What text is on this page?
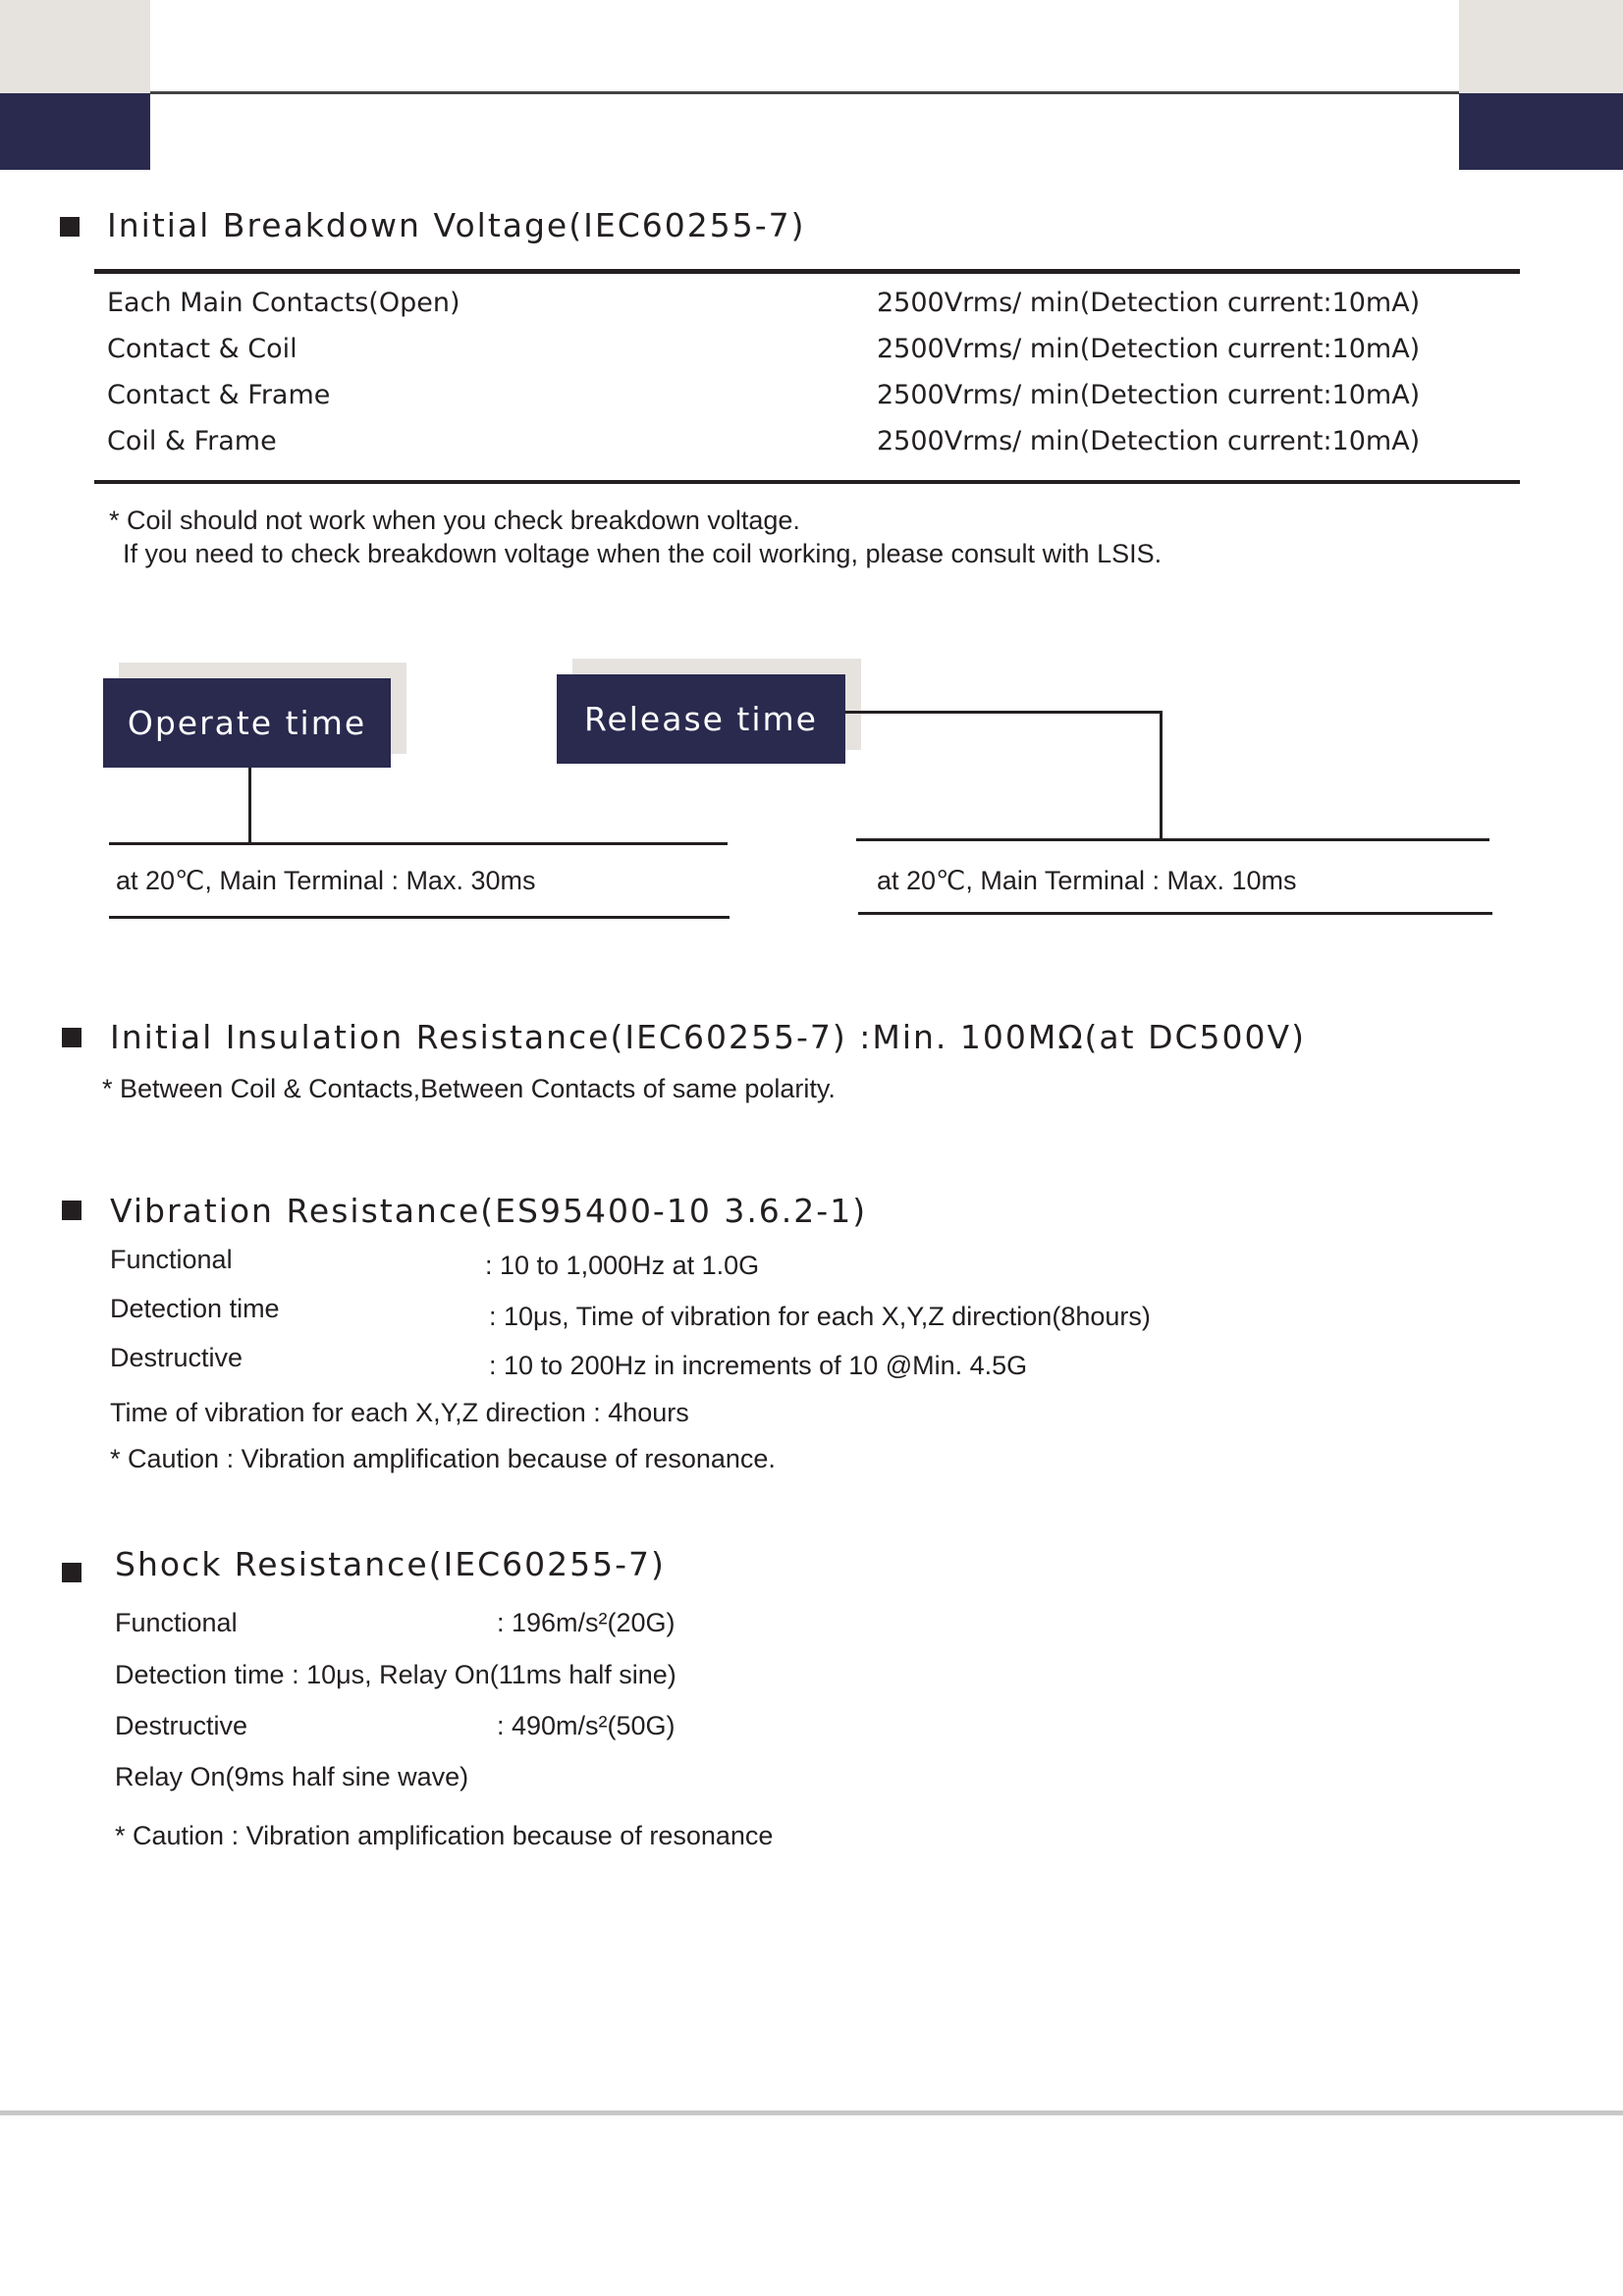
Initial Breakdown Voltage(IEC60255-7)
Each Main Contacts(Open)	2500Vrms/ min(Detection current:10mA)
Contact & Coil	2500Vrms/ min(Detection current:10mA)
Contact & Frame	2500Vrms/ min(Detection current:10mA)
Coil & Frame	2500Vrms/ min(Detection current:10mA)
* Coil should not work when you check breakdown voltage.
If you need to check breakdown voltage when the coil working, please consult with LSIS.
Operate time
at 20℃, Main Terminal : Max. 30ms
Release time
at 20℃, Main Terminal : Max. 10ms
Initial Insulation Resistance(IEC60255-7) :Min. 100MΩ(at DC500V)
* Between Coil & Contacts,Between Contacts of same polarity.
Vibration Resistance(ES95400-10 3.6.2-1)
Functional	: 10 to 1,000Hz at 1.0G
Detection time	: 10μs, Time of vibration for each X,Y,Z direction(8hours)
Destructive	: 10 to 200Hz in increments of 10 @Min. 4.5G
Time of vibration for each X,Y,Z direction : 4hours
* Caution : Vibration amplification because of resonance.
Shock Resistance(IEC60255-7)
Functional	: 196m/s²(20G)
Detection time : 10μs, Relay On(11ms half sine)
Destructive	: 490m/s²(50G)
Relay On(9ms half sine wave)
* Caution : Vibration amplification because of resonance
